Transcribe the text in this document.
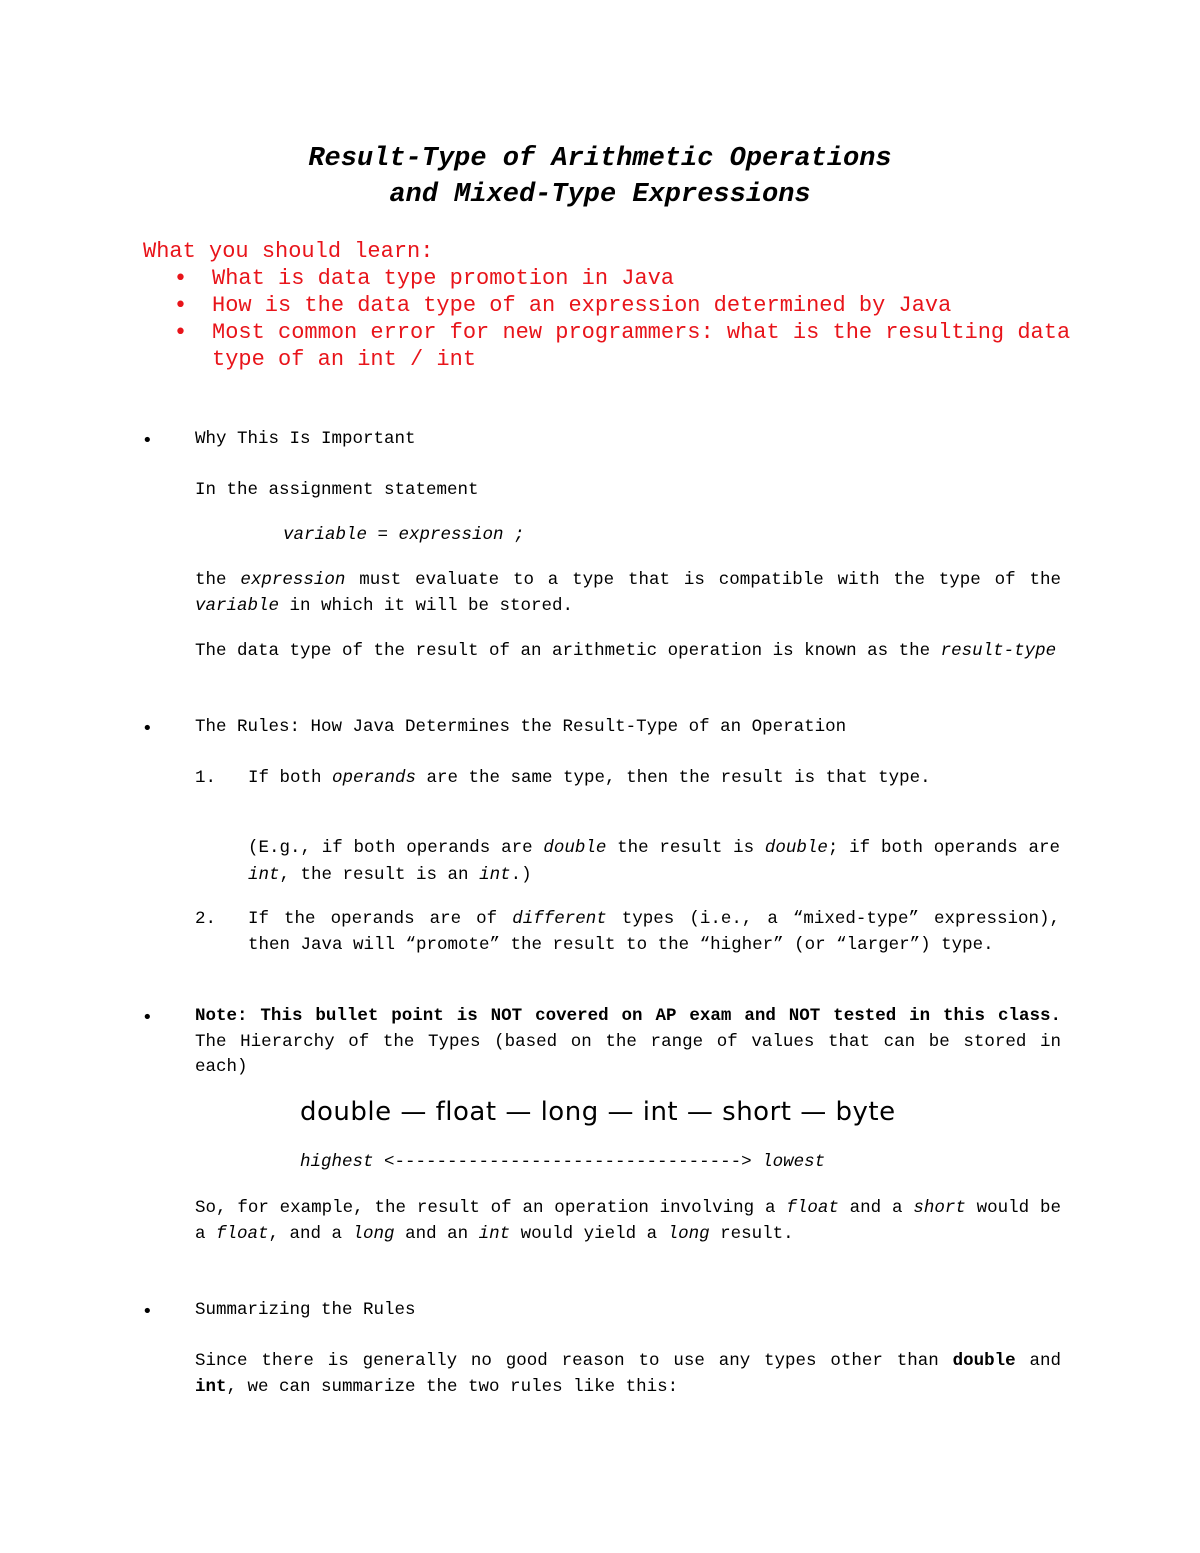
Result-Type of Arithmetic Operations
and Mixed-Type Expressions
What you should learn:
• What is data type promotion in Java
• How is the data type of an expression determined by Java
• Most common error for new programmers: what is the resulting data type of an int / int
• Why This Is Important
In the assignment statement
variable = expression ;
the expression must evaluate to a type that is compatible with the type of the variable in which it will be stored.
The data type of the result of an arithmetic operation is known as the result-type
• The Rules: How Java Determines the Result-Type of an Operation
1. If both operands are the same type, then the result is that type.
(E.g., if both operands are double the result is double; if both operands are int, the result is an int.)
2. If the operands are of different types (i.e., a “mixed-type” expression), then Java will “promote” the result to the “higher” (or “larger”) type.
• Note: This bullet point is NOT covered on AP exam and NOT tested in this class. The Hierarchy of the Types (based on the range of values that can be stored in each)
double — float — long — int — short — byte
highest <---------------------------------> lowest
So, for example, the result of an operation involving a float and a short would be a float, and a long and an int would yield a long result.
• Summarizing the Rules
Since there is generally no good reason to use any types other than double and int, we can summarize the two rules like this:
